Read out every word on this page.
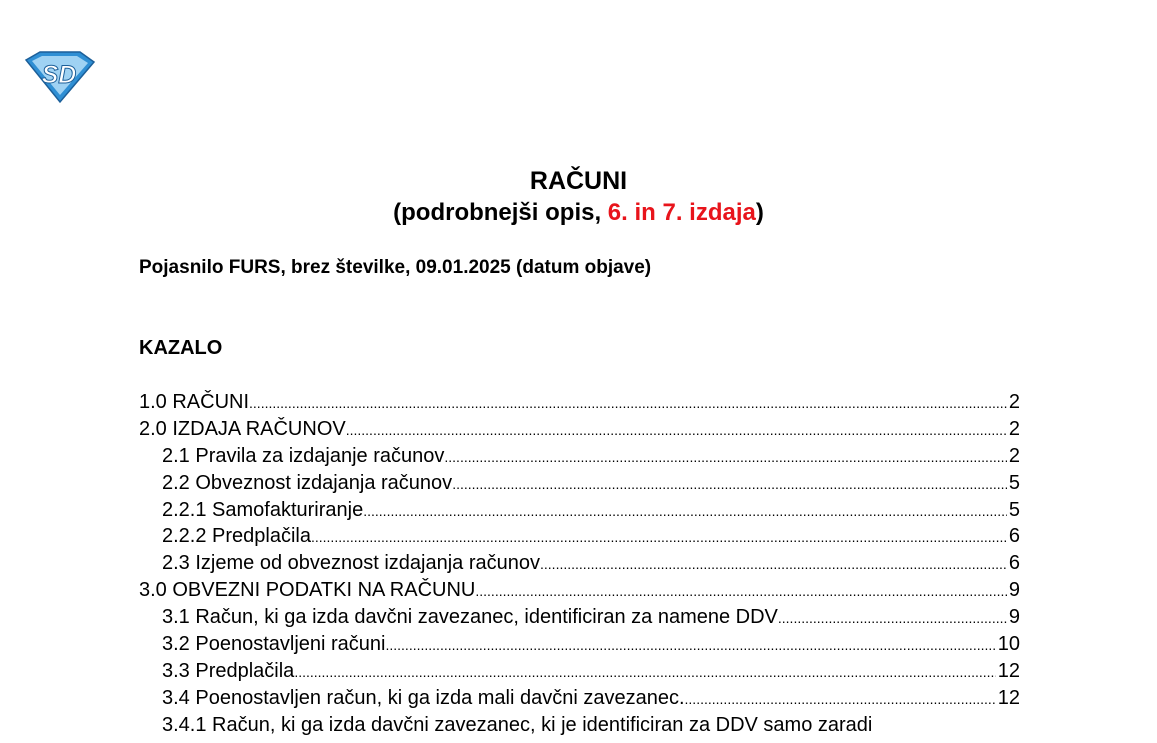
SD
RAČUNI
(podrobnejši opis, 6. in 7. izdaja)
Pojasnilo FURS, brez številke, 09.01.2025 (datum objave)
KAZALO
1.0 RAČUNI .....	2
2.0 IZDAJA RAČUNOV .....	2
2.1 Pravila za izdajanje računov .....	2
2.2 Obveznost izdajanja računov .....	5
2.2.1 Samofakturiranje .....	5
2.2.2 Predplačila .....	6
2.3 Izjeme od obveznost izdajanja računov .....	6
3.0 OBVEZNI PODATKI NA RAČUNU .....	9
3.1 Račun, ki ga izda davčni zavezanec, identificiran za namene DDV .....	9
3.2 Poenostavljeni računi .....	10
3.3 Predplačila .....	12
3.4 Poenostavljen račun, ki ga izda mali davčni zavezanec. .....	12
3.4.1 Račun, ki ga izda davčni zavezanec, ki je identificiran za DDV samo zaradi
